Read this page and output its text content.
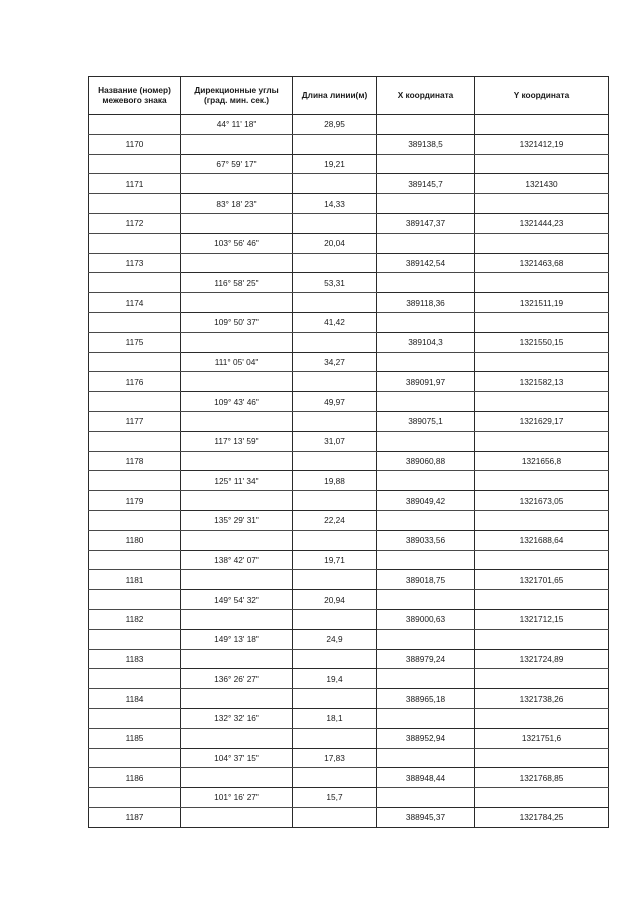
Название (номер) межевого знака	Дирекционные углы (град. мин. сек.)	Длина линии(м)	X координата	Y координата
	44° 11' 18"	28,95		
1170			389138,5	1321412,19
	67° 59' 17"	19,21		
1171			389145,7	1321430
	83° 18' 23"	14,33		
1172			389147,37	1321444,23
	103° 56' 46"	20,04		
1173			389142,54	1321463,68
	116° 58' 25"	53,31		
1174			389118,36	1321511,19
	109° 50' 37"	41,42		
1175			389104,3	1321550,15
	111° 05' 04"	34,27		
1176			389091,97	1321582,13
	109° 43' 46"	49,97		
1177			389075,1	1321629,17
	117° 13' 59"	31,07		
1178			389060,88	1321656,8
	125° 11' 34"	19,88		
1179			389049,42	1321673,05
	135° 29' 31"	22,24		
1180			389033,56	1321688,64
	138° 42' 07"	19,71		
1181			389018,75	1321701,65
	149° 54' 32"	20,94		
1182			389000,63	1321712,15
	149° 13' 18"	24,9		
1183			388979,24	1321724,89
	136° 26' 27"	19,4		
1184			388965,18	1321738,26
	132° 32' 16"	18,1		
1185			388952,94	1321751,6
	104° 37' 15"	17,83		
1186			388948,44	1321768,85
	101° 16' 27"	15,7		
1187			388945,37	1321784,25
